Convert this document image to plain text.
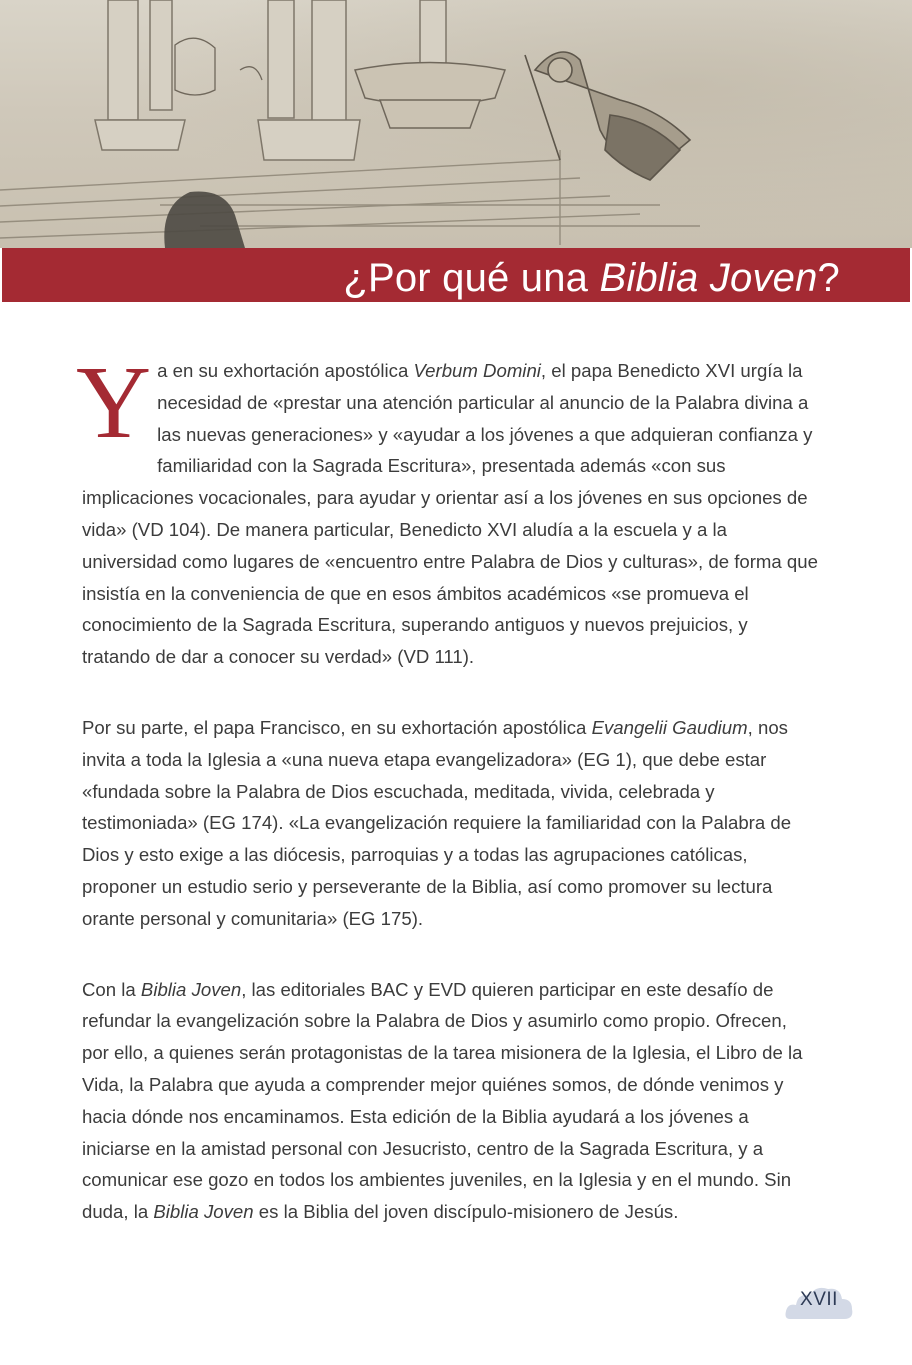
¿Por qué una Biblia Joven?

Ya en su exhortación apostólica Verbum Domini, el papa Benedicto XVI urgía la necesidad de «prestar una atención particular al anuncio de la Palabra divina a las nuevas generaciones» y «ayudar a los jóvenes a que adquieran confianza y familiaridad con la Sagrada Escritura», presentada además «con sus implicaciones vocacionales, para ayudar y orientar así a los jóvenes en sus opciones de vida» (VD 104). De manera particular, Benedicto XVI aludía a la escuela y a la universidad como lugares de «encuentro entre Palabra de Dios y culturas», de forma que insistía en la conveniencia de que en esos ámbitos académicos «se promueva el conocimiento de la Sagrada Escritura, superando antiguos y nuevos prejuicios, y tratando de dar a conocer su verdad» (VD 111).

Por su parte, el papa Francisco, en su exhortación apostólica Evangelii Gaudium, nos invita a toda la Iglesia a «una nueva etapa evangelizadora» (EG 1), que debe estar «fundada sobre la Palabra de Dios escuchada, meditada, vivida, celebrada y testimoniada» (EG 174). «La evangelización requiere la familiaridad con la Palabra de Dios y esto exige a las diócesis, parroquias y a todas las agrupaciones católicas, proponer un estudio serio y perseverante de la Biblia, así como promover su lectura orante personal y comunitaria» (EG 175).

Con la Biblia Joven, las editoriales BAC y EVD quieren participar en este desafío de refundar la evangelización sobre la Palabra de Dios y asumirlo como propio. Ofrecen, por ello, a quienes serán protagonistas de la tarea misionera de la Iglesia, el Libro de la Vida, la Palabra que ayuda a comprender mejor quiénes somos, de dónde venimos y hacia dónde nos encaminamos. Esta edición de la Biblia ayudará a los jóvenes a iniciarse en la amistad personal con Jesucristo, centro de la Sagrada Escritura, y a comunicar ese gozo en todos los ambientes juveniles, en la Iglesia y en el mundo. Sin duda, la Biblia Joven es la Biblia del joven discípulo-misionero de Jesús.

XVII
